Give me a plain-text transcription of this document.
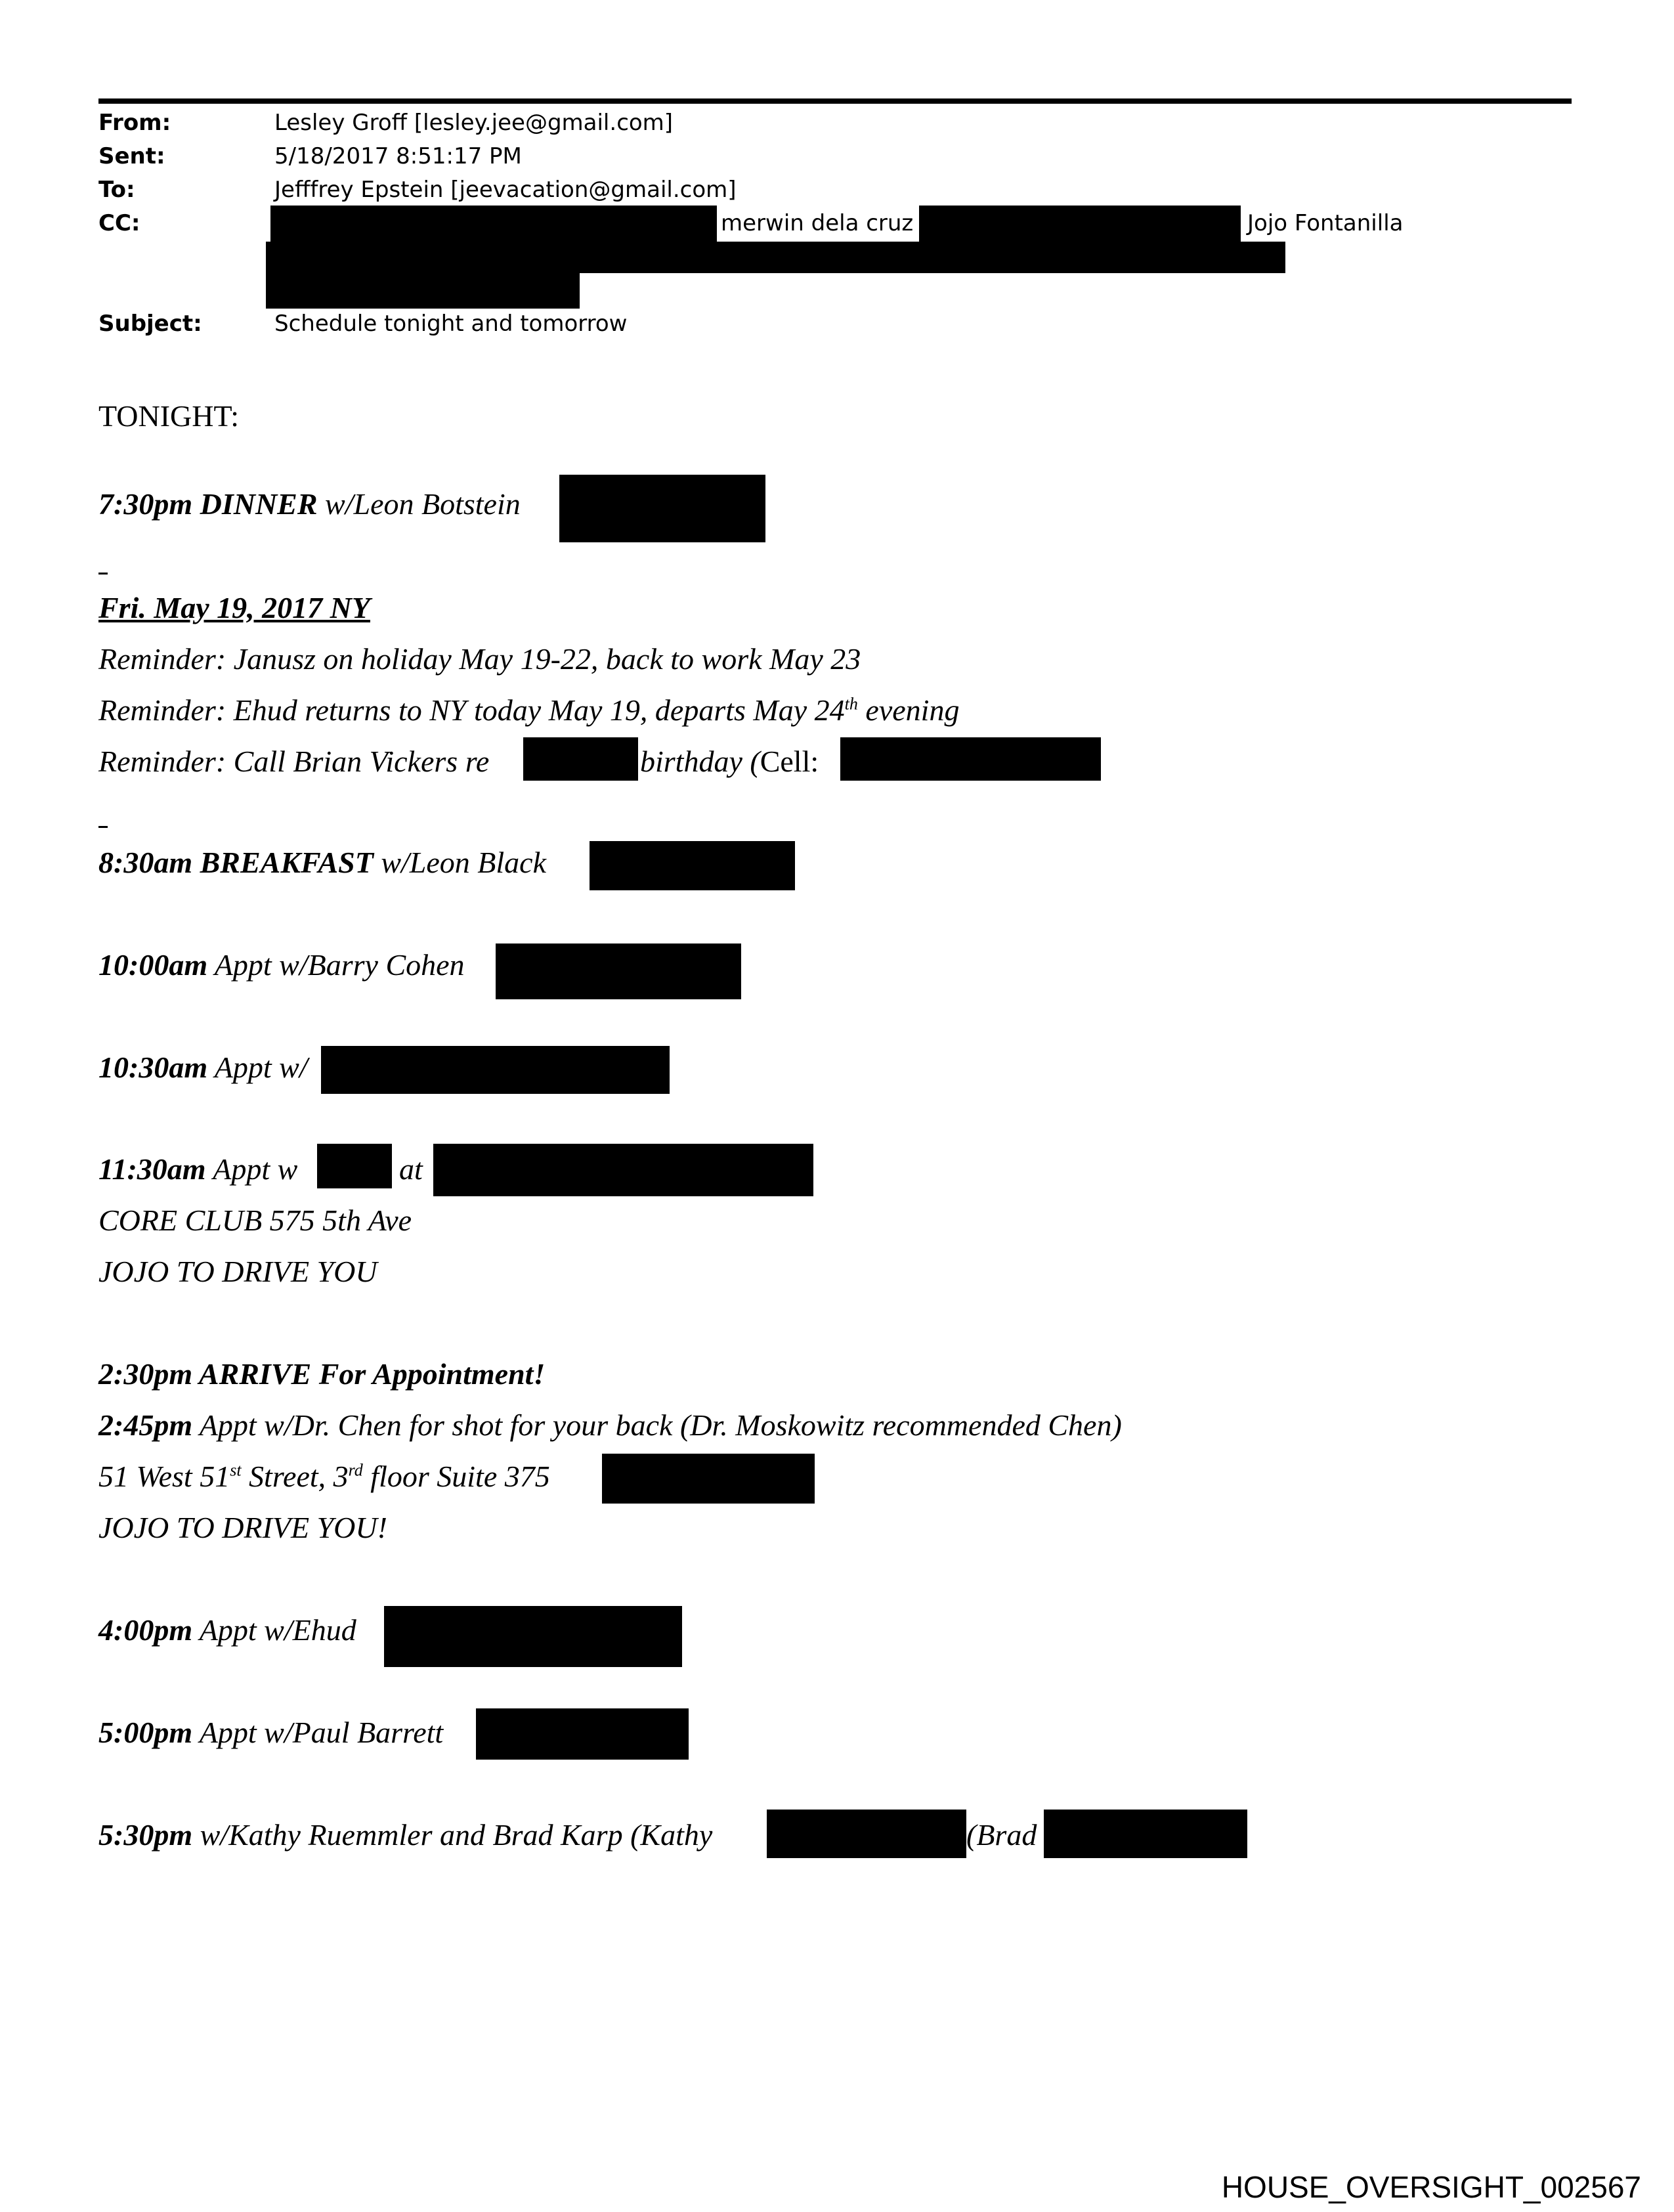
From:	Lesley Groff [lesley.jee@gmail.com]
Sent:	5/18/2017 8:51:17 PM
To:	Jefffrey Epstein [jeevacation@gmail.com]
CC:	merwin dela cruz	Jojo Fontanilla
Subject:	Schedule tonight and tomorrow
TONIGHT:
7:30pm DINNER w/Leon Botstein
Fri. May 19, 2017 NY
Reminder: Janusz on holiday May 19-22, back to work May 23
Reminder: Ehud returns to NY today May 19, departs May 24th evening
Reminder: Call Brian Vickers re	birthday (Cell:
8:30am BREAKFAST w/Leon Black
10:00am Appt w/Barry Cohen
10:30am Appt w/
11:30am Appt w	at
CORE CLUB 575 5th Ave
JOJO TO DRIVE YOU
2:30pm ARRIVE For Appointment!
2:45pm Appt w/Dr. Chen for shot for your back (Dr. Moskowitz recommended Chen)
51 West 51st Street, 3rd floor Suite 375
JOJO TO DRIVE YOU!
4:00pm Appt w/Ehud
5:00pm Appt w/Paul Barrett
5:30pm w/Kathy Ruemmler and Brad Karp (Kathy	(Brad
HOUSE_OVERSIGHT_002567
